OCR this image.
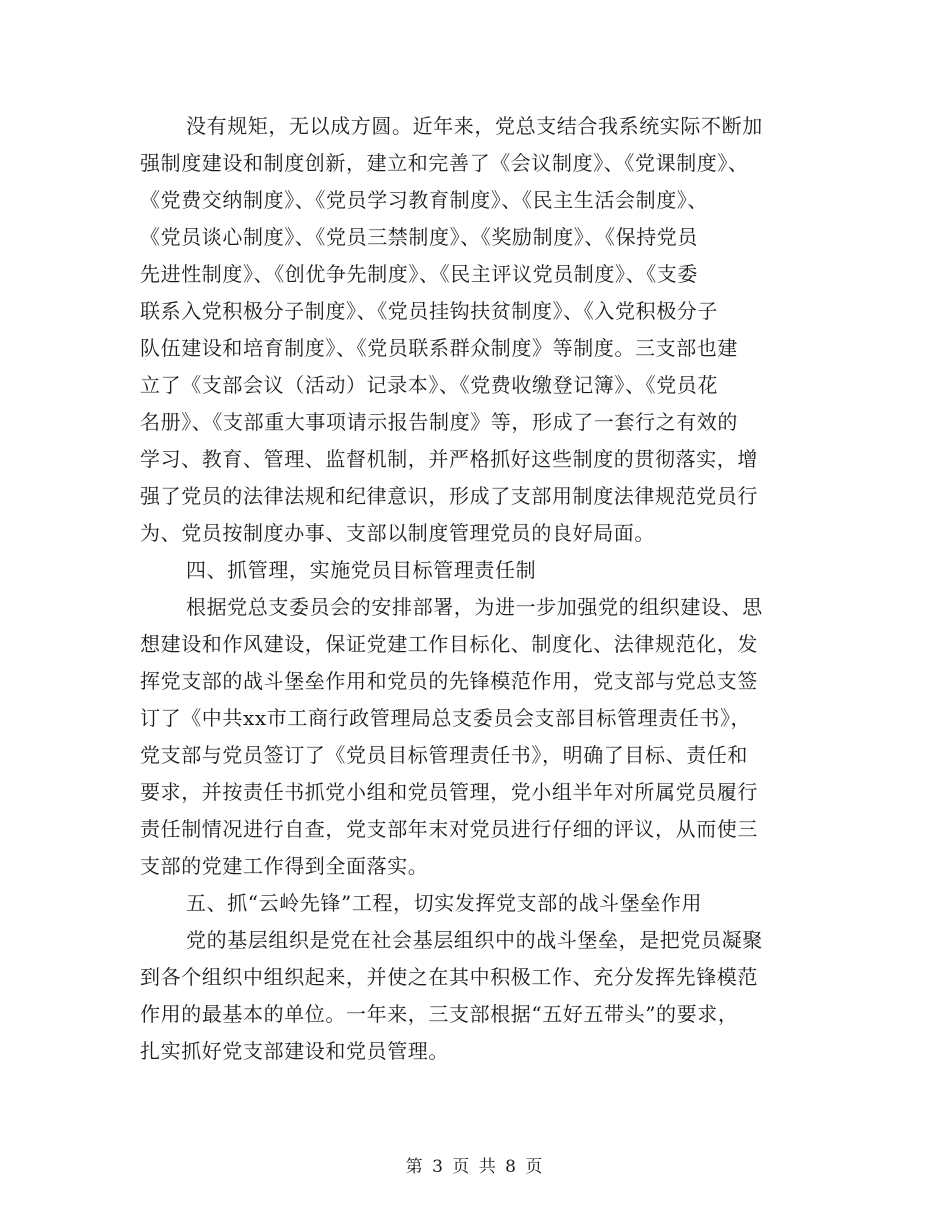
没有规矩，无以成方圆。近年来，党总支结合我系统实际不断加
强制度建设和制度创新，建立和完善了《会议制度》、《党课制度》、
《党费交纳制度》、《党员学习教育制度》、《民主生活会制度》、
《党员谈心制度》、《党员三禁制度》、《奖励制度》、《保持党员
先进性制度》、《创优争先制度》、《民主评议党员制度》、《支委
联系入党积极分子制度》、《党员挂钩扶贫制度》、《入党积极分子
队伍建设和培育制度》、《党员联系群众制度》等制度。三支部也建
立了《支部会议（活动）记录本》、《党费收缴登记簿》、《党员花
名册》、《支部重大事项请示报告制度》等，形成了一套行之有效的
学习、教育、管理、监督机制，并严格抓好这些制度的贯彻落实，增
强了党员的法律法规和纪律意识，形成了支部用制度法律规范党员行
为、党员按制度办事、支部以制度管理党员的良好局面。
四、抓管理，实施党员目标管理责任制
根据党总支委员会的安排部署，为进一步加强党的组织建设、思
想建设和作风建设，保证党建工作目标化、制度化、法律规范化，发
挥党支部的战斗堡垒作用和党员的先锋模范作用，党支部与党总支签
订了《中共xx市工商行政管理局总支委员会支部目标管理责任书》，
党支部与党员签订了《党员目标管理责任书》，明确了目标、责任和
要求，并按责任书抓党小组和党员管理，党小组半年对所属党员履行
责任制情况进行自查，党支部年末对党员进行仔细的评议，从而使三
支部的党建工作得到全面落实。
五、抓“云岭先锋”工程，切实发挥党支部的战斗堡垒作用
党的基层组织是党在社会基层组织中的战斗堡垒，是把党员凝聚
到各个组织中组织起来，并使之在其中积极工作、充分发挥先锋模范
作用的最基本的单位。一年来，三支部根据“五好五带头”的要求，
扎实抓好党支部建设和党员管理。
第 3 页 共 8 页
